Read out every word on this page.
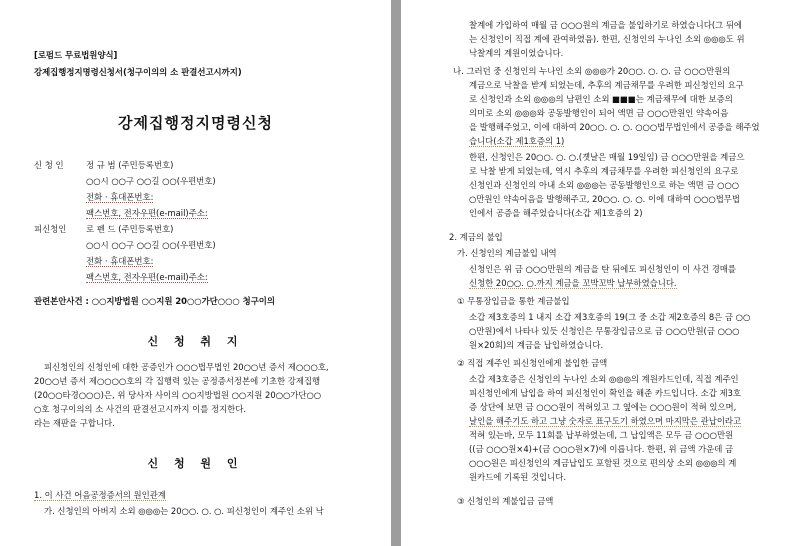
[로펌드 무료법원양식]
강제집행정지명령신청서(청구이의의 소 판결선고시까지)
강제집행정지명령신청
신 청 인	정 규 범 (주민등록번호)
○○시 ○○구 ○○길 ○○(우편번호)
전화 · 휴대폰번호:
팩스번호, 전자우편(e-mail)주소:
피신청인 로 펜 드 (주민등록번호)
○○시 ○○구 ○○길 ○○(우편번호)
전화 · 휴대폰번호:
팩스번호, 전자우편(e-mail)주소:
관련본안사건 : ○○지방법원 ○○지원 20○○가단○○○ 청구이의
신 청 취 지
피신청인의 신청인에 대한 공증인가 ○○○법무법인 20○○년 증서 제○○○호,
20○○년 증서 제○○○○호의 각 집행력 있는 공정증서정본에 기초한 강제집행
(20○○타경○○○)은, 위 당사자 사이의 ○○지방법원 ○○지원 20○○가단○○
○호 청구이의의 소 사건의 판결선고시까지 이를 정지한다.
라는 재판을 구합니다.
신 청 원 인
1. 이 사건 어음공정증서의 원인관계
가. 신청인의 아버지 소외 ◎◎◎는 20○○. ○. ○. 피신청인이 계주인 소위 낙
찰계에 가입하여 매월 금 ○○○원의 계금을 불입하기로 하였습니다(그 뒤에
는 신청인이 직접 계에 관여하였음). 한편, 신청인의 누나인 소외 ◎◎◎도 위
낙찰계의 계원이었습니다.
나. 그러던 중 신청인의 누나인 소외 ◎◎◎가 20○○. ○. ○. 금 ○○○만원의
계금으로 낙찰을 받게 되었는데, 추후의 계금채무를 우려한 피신청인의 요구
로 신청인과 소외 ◎◎◎의 남편인 소외 ■■■는 계금채무에 대한 보증의
의미로 소외 ◎◎◎와 공동발행인이 되어 액면 금 ○○○만원인 약속어음
을 발행해주었고, 이에 대하여 20○○. ○. ○. ○○○법무법인에서 공증을 해주었
습니다(소갑 제1호증의 1)
한편, 신청인은 20○○. ○. ○.(곗날은 매월 19일임) 금 ○○○만원을 계금으
로 낙찰 받게 되었는데, 역시 추후의 계금채무를 우려한 피신청인의 요구로
신청인과 신청인의 아내 소외 ◎◎◎는 공동발행인으로 하는 액면 금 ○○○
○만원인 약속어음을 발행해주고, 20○○. ○. ○. 이에 대하여 ○○○법무법
인에서 공증을 해주었습니다(소갑 제1호증의 2)
2. 계금의 불입
가. 신청인의 계금불입 내역
신청인은 위 금 ○○○만원의 계금을 탄 뒤에도 피신청인이 이 사건 경매를
신청한 20○○. ○.까지 계금을 꼬박꼬박 납부하였습니다.
① 무통장입금을 통한 계금불입
소갑 제3호증의 1 내지 소갑 제3호증의 19(그 중 소갑 제2호증의 8은 금 ○○
○만원)에서 나타나 있듯 신청인은 무통장입금으로 금 ○○○만원(금 ○○○
원×20회)의 계금을 납입하였습니다.
② 직접 계주인 피신청인에게 불입한 금액
소갑 제3호증은 신청인의 누나인 소외 ◎◎◎의 계원카드인데, 직접 계주인
피신청인에게 납입을 하여 피신청인이 확인을 해준 카드입니다. 소갑 제3호
증 상단에 보면 금 ○○○원이 적혀있고 그 옆에는 ○○○원이 적혀 있으며,
날인을 해주기도 하고 그냥 숫자로 표구도기 하였으며 마지막은 관납이라고
적혀 있는바, 모두 11회를 납부하였는데, 그 납입액은 모두 금 ○○○만원
((금 ○○○원×4)+(금 ○○○원×7)에 이릅니다. 한편, 위 금액 가운데 금
○○○원은 피신청인의 계금납입도 포함된 것으로 편의상 소외 ◎◎◎의 계
원카드에 기록된 것입니다.
③ 신청인의 계불입금 금액
